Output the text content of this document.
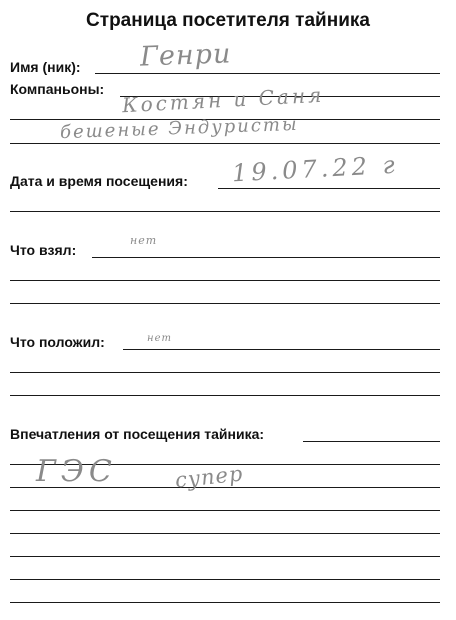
Страница посетителя тайника
Имя (ник): Генри
Компаньоны: Костян и Саня
бешеные Эндуристы
Дата и время посещения: 19.07.22 г
Что взял:
нет
Что положил:	нет
Впечатления от посещения тайника:
ГЭС	супер
